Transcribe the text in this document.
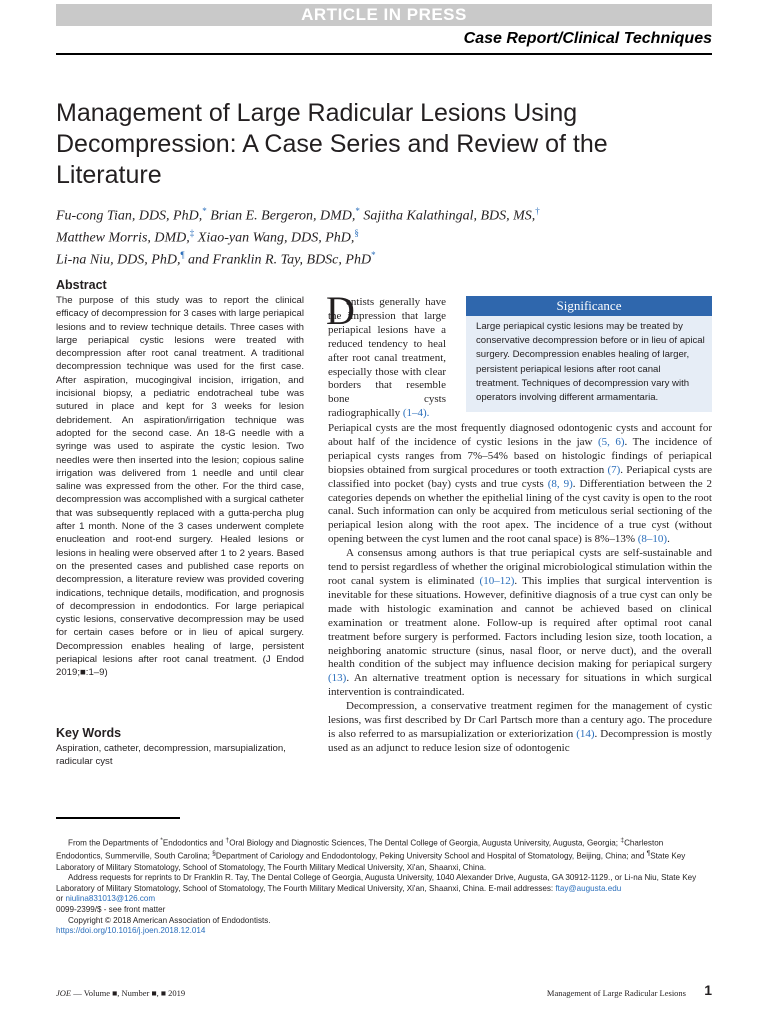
ARTICLE IN PRESS
Case Report/Clinical Techniques
Management of Large Radicular Lesions Using Decompression: A Case Series and Review of the Literature
Fu-cong Tian, DDS, PhD,* Brian E. Bergeron, DMD,* Sajitha Kalathingal, BDS, MS,†
Matthew Morris, DMD,‡ Xiao-yan Wang, DDS, PhD,§
Li-na Niu, DDS, PhD,¶ and Franklin R. Tay, BDSc, PhD*
Abstract
The purpose of this study was to report the clinical efficacy of decompression for 3 cases with large periapical lesions and to review technique details. Three cases with large periapical cystic lesions were treated with decompression after root canal treatment. A traditional decompression technique was used for the first case. After aspiration, mucogingival incision, irrigation, and incisional biopsy, a pediatric endotracheal tube was sutured in place and kept for 3 weeks for lesion debridement. An aspiration/irrigation technique was adopted for the second case. An 18-G needle with a syringe was used to aspirate the cystic lesion. Two needles were then inserted into the lesion; copious saline irrigation was delivered from 1 needle and until clear saline was expressed from the other. For the third case, decompression was accomplished with a surgical catheter that was subsequently replaced with a gutta-percha plug after 1 month. None of the 3 cases underwent complete enucleation and root-end surgery. Healed lesions or lesions in healing were observed after 1 to 2 years. Based on the presented cases and published case reports on decompression, a literature review was provided covering indications, technique details, modification, and prognosis of decompression in endodontics. For large periapical cystic lesions, conservative decompression may be used for certain cases before or in lieu of apical surgery. Decompression enables healing of large, persistent periapical lesions after root canal treatment. (J Endod 2019;■:1–9)
Key Words
Aspiration, catheter, decompression, marsupialization, radicular cyst
D
entists generally have the impression that large periapical lesions have a reduced tendency to heal after root canal treatment, especially those with clear borders that resemble bone cysts radiographically (1–4).
Significance
Large periapical cystic lesions may be treated by conservative decompression before or in lieu of apical surgery. Decompression enables healing of larger, persistent periapical lesions after root canal treatment. Techniques of decompression vary with operators involving different armamentaria.

Periapical cysts are the most frequently diagnosed odontogenic cysts and account for about half of the incidence of cystic lesions in the jaw (5, 6). The incidence of periapical cysts ranges from 7%–54% based on histologic findings of periapical biopsies obtained from surgical procedures or tooth extraction (7). Periapical cysts are classified into pocket (bay) cysts and true cysts (8, 9). Differentiation between the 2 categories depends on whether the epithelial lining of the cyst cavity is open to the root canal. Such information can only be acquired from meticulous serial sectioning of the periapical lesion along with the root apex. The incidence of a true cyst (without opening between the cyst lumen and the root canal space) is 8%–13% (8–10).

A consensus among authors is that true periapical cysts are self-sustainable and tend to persist regardless of whether the original microbiological stimulation within the root canal system is eliminated (10–12). This implies that surgical intervention is inevitable for these situations. However, definitive diagnosis of a true cyst can only be made with histologic examination and cannot be achieved based on clinical examination or treatment alone. Follow-up is required after optimal root canal treatment before surgery is performed. Factors including lesion size, tooth location, a neighboring anatomic structure (sinus, nasal floor, or nerve duct), and the overall health condition of the subject may influence decision making for periapical surgery (13). An alternative treatment option is necessary for situations in which surgical intervention is contraindicated.

Decompression, a conservative treatment regimen for the management of cystic lesions, was first described by Dr Carl Partsch more than a century ago. The procedure is also referred to as marsupialization or exteriorization (14). Decompression is mostly used as an adjunct to reduce lesion size of odontogenic

From the Departments of *Endodontics and †Oral Biology and Diagnostic Sciences, The Dental College of Georgia, Augusta University, Augusta, Georgia; ‡Charleston Endodontics, Summerville, South Carolina; §Department of Cariology and Endodontology, Peking University School and Hospital of Stomatology, Beijing, China; and ¶State Key Laboratory of Military Stomatology, School of Stomatology, The Fourth Military Medical University, Xi'an, Shaanxi, China.

Address requests for reprints to Dr Franklin R. Tay, The Dental College of Georgia, Augusta University, 1040 Alexander Drive, Augusta, GA 30912-1129., or Li-na Niu, State Key Laboratory of Military Stomatology, School of Stomatology, The Fourth Military Medical University, Xi'an, Shaanxi, China. E-mail addresses: ftay@augusta.edu

or niulina831013@126.com

0099-2399/$ - see front matter

Copyright © 2018 American Association of Endodontists.

https://doi.org/10.1016/j.joen.2018.12.014

JOE — Volume ■, Number ■, ■ 2019	Management of Large Radicular Lesions 1
